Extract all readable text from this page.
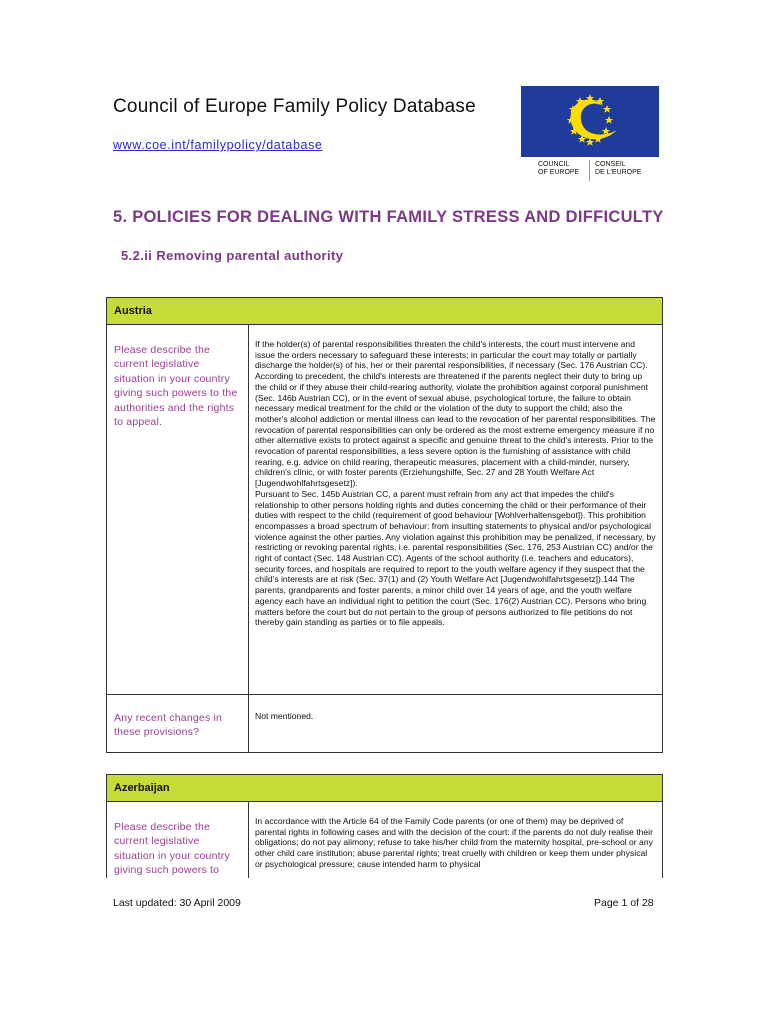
Council of Europe Family Policy Database
www.coe.int/familypolicy/database
COUNCIL
OF EUROPE
CONSEIL
DE L'EUROPE
5. POLICIES FOR DEALING WITH FAMILY STRESS AND DIFFICULTY
5.2.ii Removing parental authority
Austria
Please describe the current legislative situation in your country giving such powers to the authorities and the rights to appeal.

If the holder(s) of parental responsibilities threaten the child's interests, the court must intervene and issue the orders necessary to safeguard these interests; in particular the court may totally or partially discharge the holder(s) of his, her or their parental responsibilities, if necessary (Sec. 176 Austrian CC). According to precedent, the child's interests are threatened if the parents neglect their duty to bring up the child or if they abuse their child-rearing authority, violate the prohibition against corporal punishment (Sec. 146b Austrian CC), or in the event of sexual abuse, psychological torture, the failure to obtain necessary medical treatment for the child or the violation of the duty to support the child; also the mother's alcohol addiction or mental illness can lead to the revocation of her parental responsibilities. The revocation of parental responsibilities can only be ordered as the most extreme emergency measure if no other alternative exists to protect against a specific and genuine threat to the child's interests. Prior to the revocation of parental responsibilities, a less severe option is the furnishing of assistance with child rearing, e.g. advice on child rearing, therapeutic measures, placement with a child-minder, nursery, children's clinic, or with foster parents (Erziehungshilfe, Sec. 27 and 28 Youth Welfare Act [Jugendwohlfahrtsgesetz]).

Pursuant to Sec. 145b Austrian CC, a parent must refrain from any act that impedes the child's relationship to other persons holding rights and duties concerning the child or their performance of their duties with respect to the child (requirement of good behaviour [Wohlverhaltensgebot]). This prohibition encompasses a broad spectrum of behaviour: from insulting statements to physical and/or psychological violence against the other parties. Any violation against this prohibition may be penalized, if necessary, by restricting or revoking parental rights, i.e. parental responsibilities (Sec. 176, 253 Austrian CC) and/or the right of contact (Sec. 148 Austrian CC). Agents of the school authority (i.e. teachers and educators), security forces, and hospitals are required to report to the youth welfare agency if they suspect that the child's interests are at risk (Sec. 37(1) and (2) Youth Welfare Act [Jugendwohlfahrtsgesetz]).144 The parents, grandparents and foster parents, a minor child over 14 years of age, and the youth welfare agency each have an individual right to petition the court (Sec. 176(2) Austrian CC). Persons who bring matters before the court but do not pertain to the group of persons authorized to file petitions do not thereby gain standing as parties or to file appeals.

Any recent changes in these provisions?
Not mentioned.
Azerbaijan
Please describe the current legislative situation in your country giving such powers to
In accordance with the Article 64 of the Family Code parents (or one of them) may be deprived of parental rights in following cases and with the decision of the court: if the parents do not duly realise their obligations; do not pay alimony; refuse to take his/her child from the maternity hospital, pre-school or any other child care institution; abuse parental rights; treat cruelly with children or keep them under physical or psychological pressure; cause intended harm to physical
Last updated: 30 April 2009	Page 1 of 28
